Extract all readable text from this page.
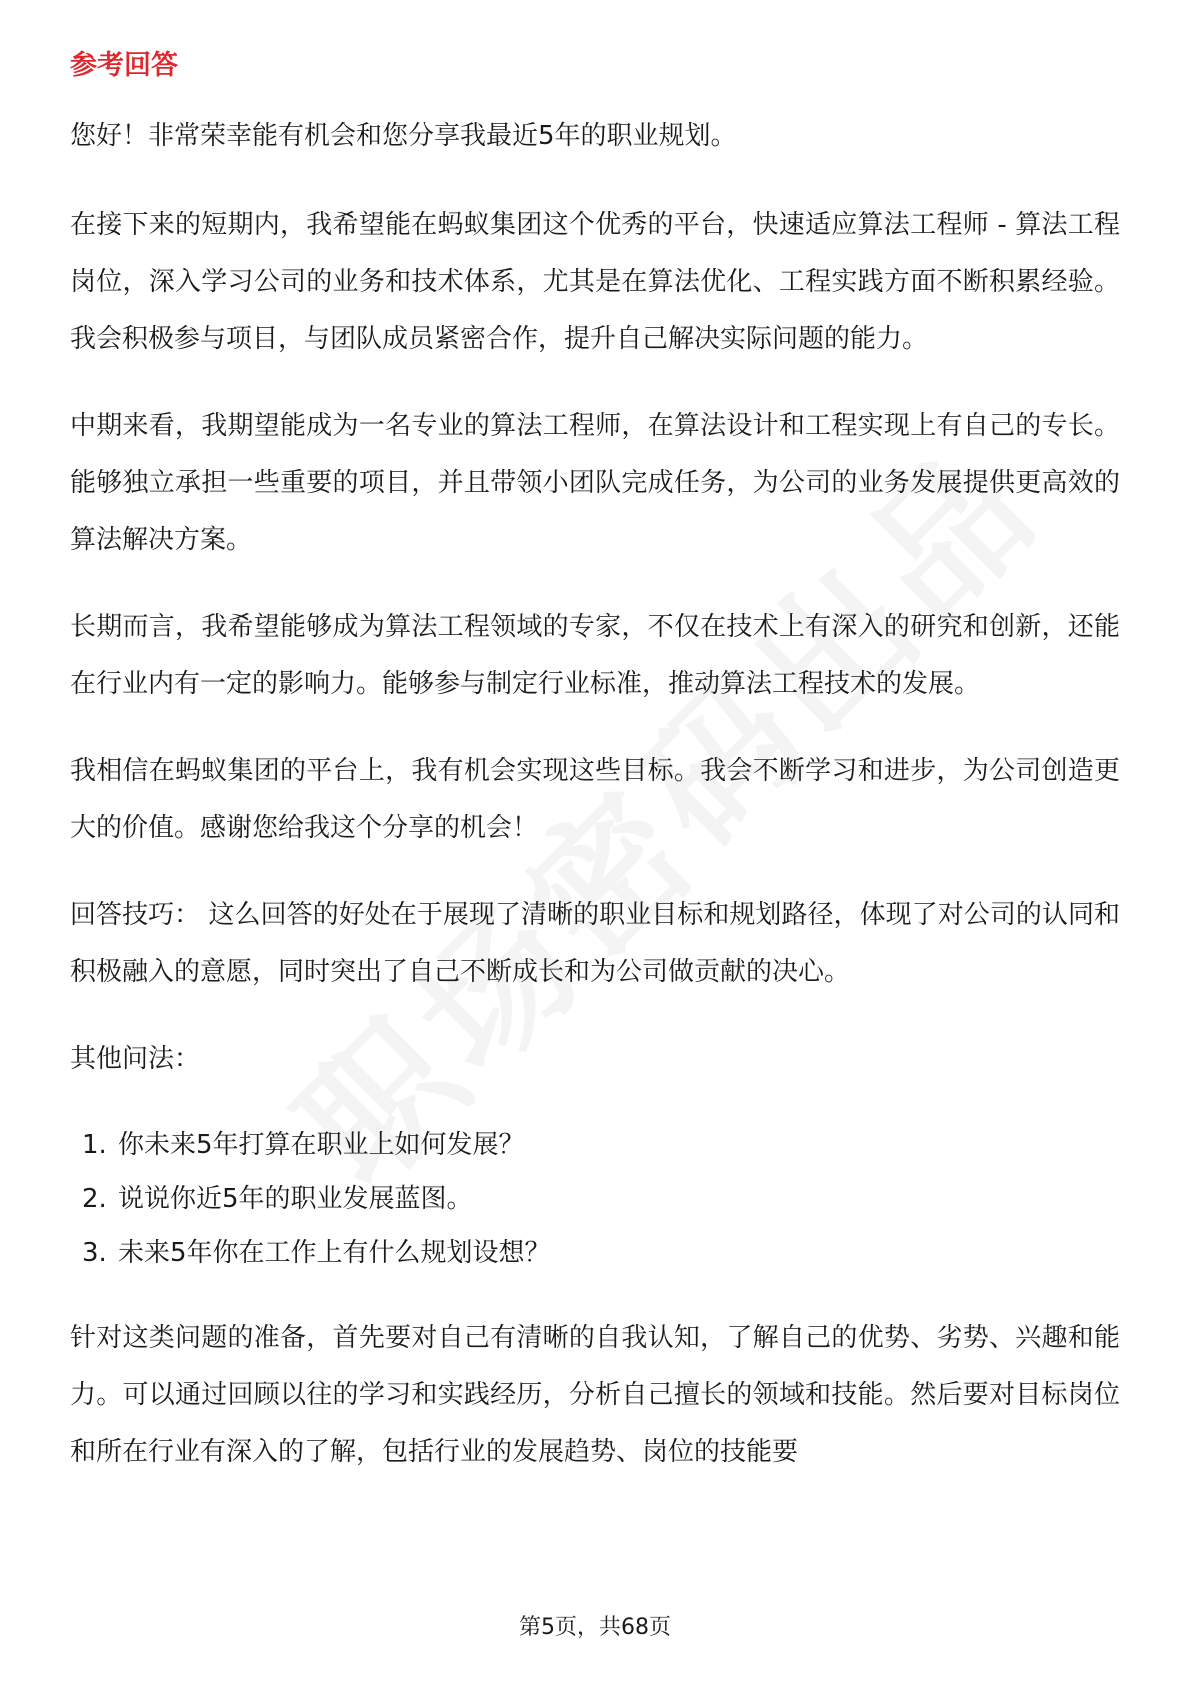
参考回答

您好！非常荣幸能有机会和您分享我最近5年的职业规划。

在接下来的短期内，我希望能在蚂蚁集团这个优秀的平台，快速适应算法工程师 - 算法工程岗位，深入学习公司的业务和技术体系，尤其是在算法优化、工程实践方面不断积累经验。我会积极参与项目，与团队成员紧密合作，提升自己解决实际问题的能力。

中期来看，我期望能成为一名专业的算法工程师，在算法设计和工程实现上有自己的专长。能够独立承担一些重要的项目，并且带领小团队完成任务，为公司的业务发展提供更高效的算法解决方案。

长期而言，我希望能够成为算法工程领域的专家，不仅在技术上有深入的研究和创新，还能在行业内有一定的影响力。能够参与制定行业标准，推动算法工程技术的发展。

我相信在蚂蚁集团的平台上，我有机会实现这些目标。我会不断学习和进步，为公司创造更大的价值。感谢您给我这个分享的机会！

回答技巧： 这么回答的好处在于展现了清晰的职业目标和规划路径，体现了对公司的认同和积极融入的意愿，同时突出了自己不断成长和为公司做贡献的决心。

其他问法：

1. 你未来5年打算在职业上如何发展？
2. 说说你近5年的职业发展蓝图。
3. 未来5年你在工作上有什么规划设想？

针对这类问题的准备，首先要对自己有清晰的自我认知，了解自己的优势、劣势、兴趣和能力。可以通过回顾以往的学习和实践经历，分析自己擅长的领域和技能。然后要对目标岗位和所在行业有深入的了解，包括行业的发展趋势、岗位的技能要

第5页，共68页
